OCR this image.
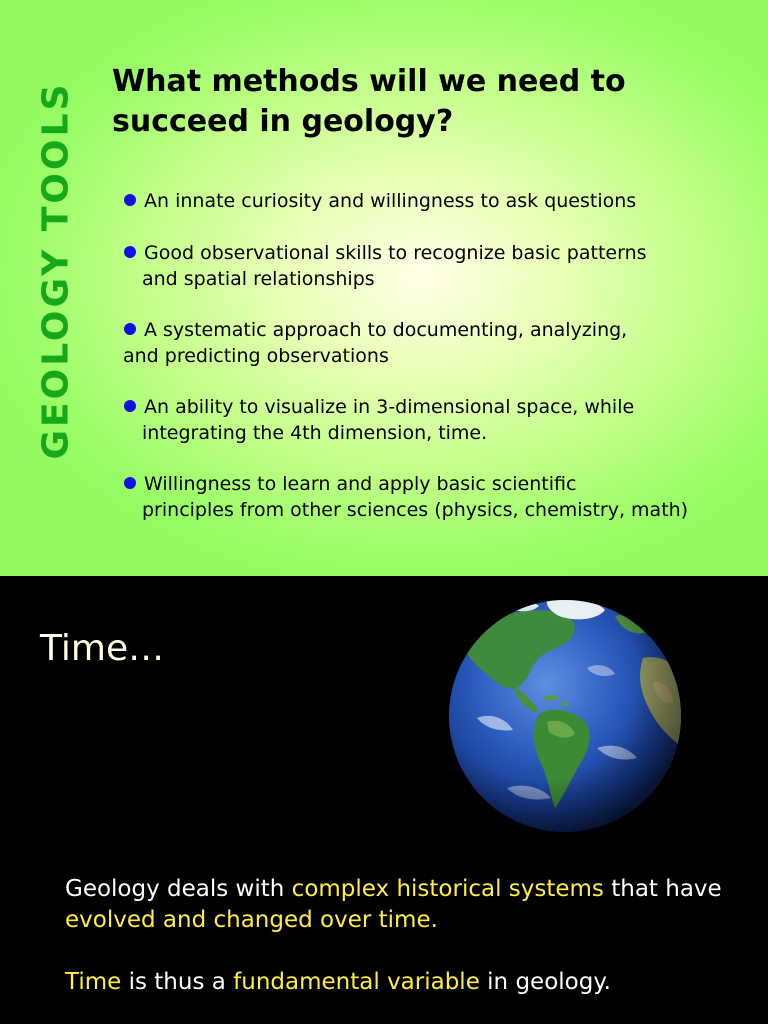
GEOLOGY TOOLS What methods will we need to succeed in geology?
An innate curiosity and willingness to ask questions
Good observational skills to recognize basic patterns
and spatial relationships
A systematic approach to documenting, analyzing,
and predicting observations
An ability to visualize in 3-dimensional space, while
integrating the 4th dimension, time.
Willingness to learn and apply basic scientific
principles from other sciences (physics, chemistry, math)
Time…

Geology deals with complex historical systems that have evolved and changed over time.

Time is thus a fundamental variable in geology.
